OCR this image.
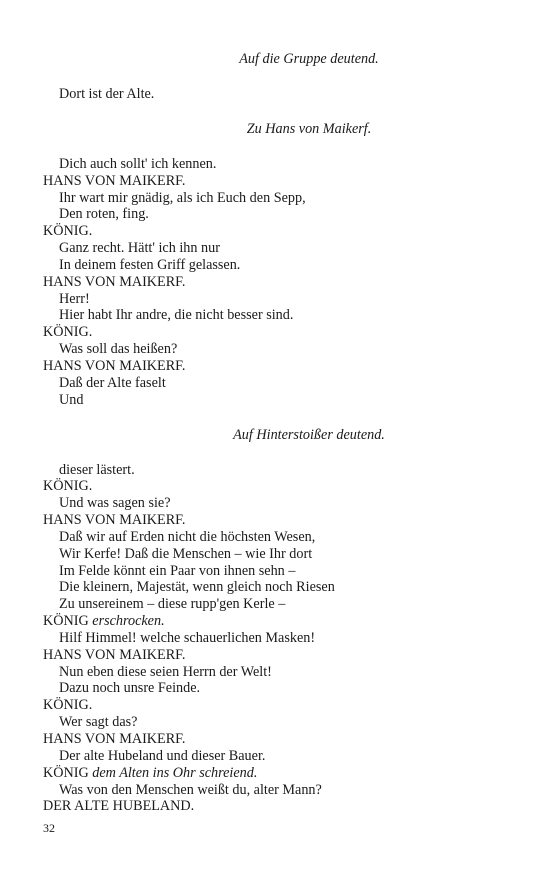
Auf die Gruppe deutend.
Dort ist der Alte.
Zu Hans von Maikerf.
Dich auch sollt' ich kennen.
HANS VON MAIKERF.
Ihr wart mir gnädig, als ich Euch den Sepp,
Den roten, fing.
KÖNIG.
Ganz recht. Hätt' ich ihn nur
In deinem festen Griff gelassen.
HANS VON MAIKERF.
Herr!
Hier habt Ihr andre, die nicht besser sind.
KÖNIG.
Was soll das heißen?
HANS VON MAIKERF.
Daß der Alte faselt
Und
Auf Hinterstoißer deutend.
dieser lästert.
KÖNIG.
Und was sagen sie?
HANS VON MAIKERF.
Daß wir auf Erden nicht die höchsten Wesen,
Wir Kerfe! Daß die Menschen – wie Ihr dort
Im Felde könnt ein Paar von ihnen sehn –
Die kleinern, Majestät, wenn gleich noch Riesen
Zu unsereinem – diese rupp'gen Kerle –
KÖNIG erschrocken.
Hilf Himmel! welche schauerlichen Masken!
HANS VON MAIKERF.
Nun eben diese seien Herrn der Welt!
Dazu noch unsre Feinde.
KÖNIG.
Wer sagt das?
HANS VON MAIKERF.
Der alte Hubeland und dieser Bauer.
KÖNIG dem Alten ins Ohr schreiend.
Was von den Menschen weißt du, alter Mann?
DER ALTE HUBELAND.
32
